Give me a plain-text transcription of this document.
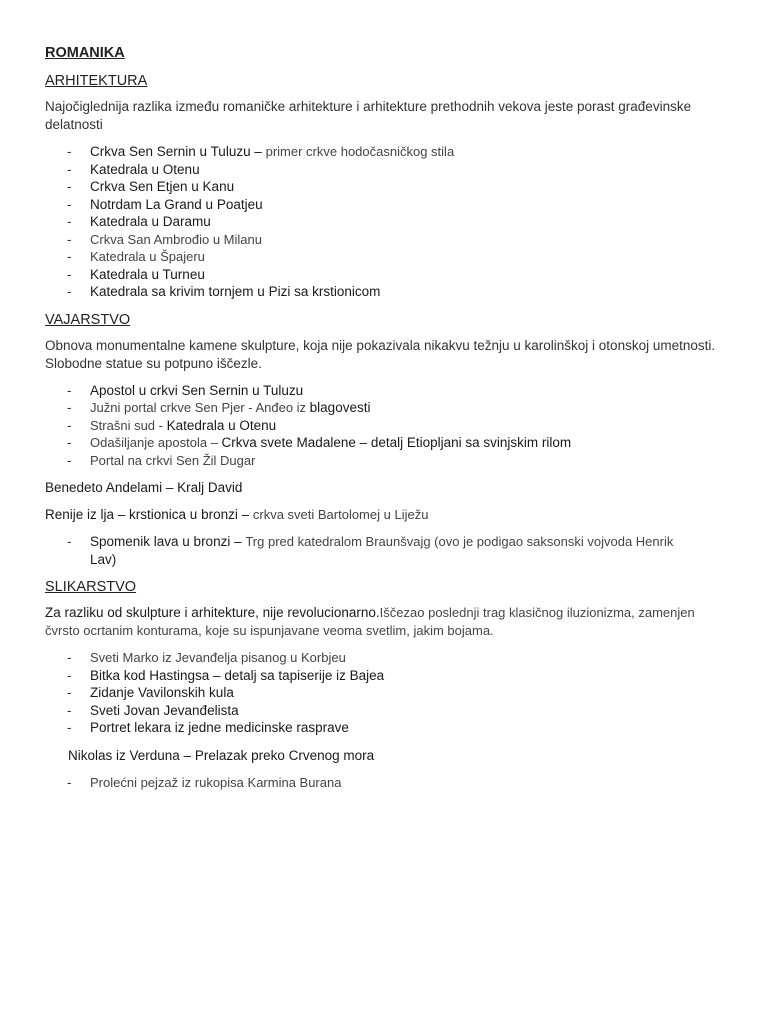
ROMANIKA
ARHITEKTURA
Najočiglednija razlika između romaničke arhitekture i arhitekture prethodnih vekova jeste porast građevinske delatnosti
- Crkva Sen Sernin u Tuluzu – primer crkve hodočasničkog stila
- Katedrala u Otenu
- Crkva Sen Etjen u Kanu
- Notrdam La Grand u Poatjeu
- Katedrala u Daramu
- Crkva San Ambrođio u Milanu
- Katedrala u Špajeru
- Katedrala u Turneu
- Katedrala sa krivim tornjem u Pizi sa krstionicom
VAJARSTVO
Obnova monumentalne kamene skulpture, koja nije pokazivala nikakvu težnju u karolinškoj i otonskoj umetnosti. Slobodne statue su potpuno iščezle.
- Apostol u crkvi Sen Sernin u Tuluzu
- Južni portal crkve Sen Pjer - Anđeo iz blagovesti
- Strašni sud - Katedrala u Otenu
- Odašiljanje apostola – Crkva svete Madalene – detalj Etiopljani sa svinjskim rilom
- Portal na crkvi Sen Žil Dugar
Benedeto Andelami – Kralj David
Renije iz lja – krstionica u bronzi – crkva sveti Bartolomej u Liježu
- Spomenik lava u bronzi – Trg pred katedralom Braunšvajg (ovo je podigao saksonski vojvoda Henrik
Lav)
SLIKARSTVO
Za razliku od skulpture i arhitekture, nije revolucionarno.Iščezao poslednji trag klasičnog iluzionizma, zamenjen čvrsto ocrtanim konturama, koje su ispunjavane veoma svetlim, jakim bojama.
- Sveti Marko iz Jevanđelja pisanog u Korbjeu
- Bitka kod Hastingsa – detalj sa tapiserije iz Bajea
- Zidanje Vavilonskih kula
- Sveti Jovan Jevanđelista
- Portret lekara iz jedne medicinske rasprave
Nikolas iz Verduna – Prelazak preko Crvenog mora
- Prolećni pejzaž iz rukopisa Karmina Burana
